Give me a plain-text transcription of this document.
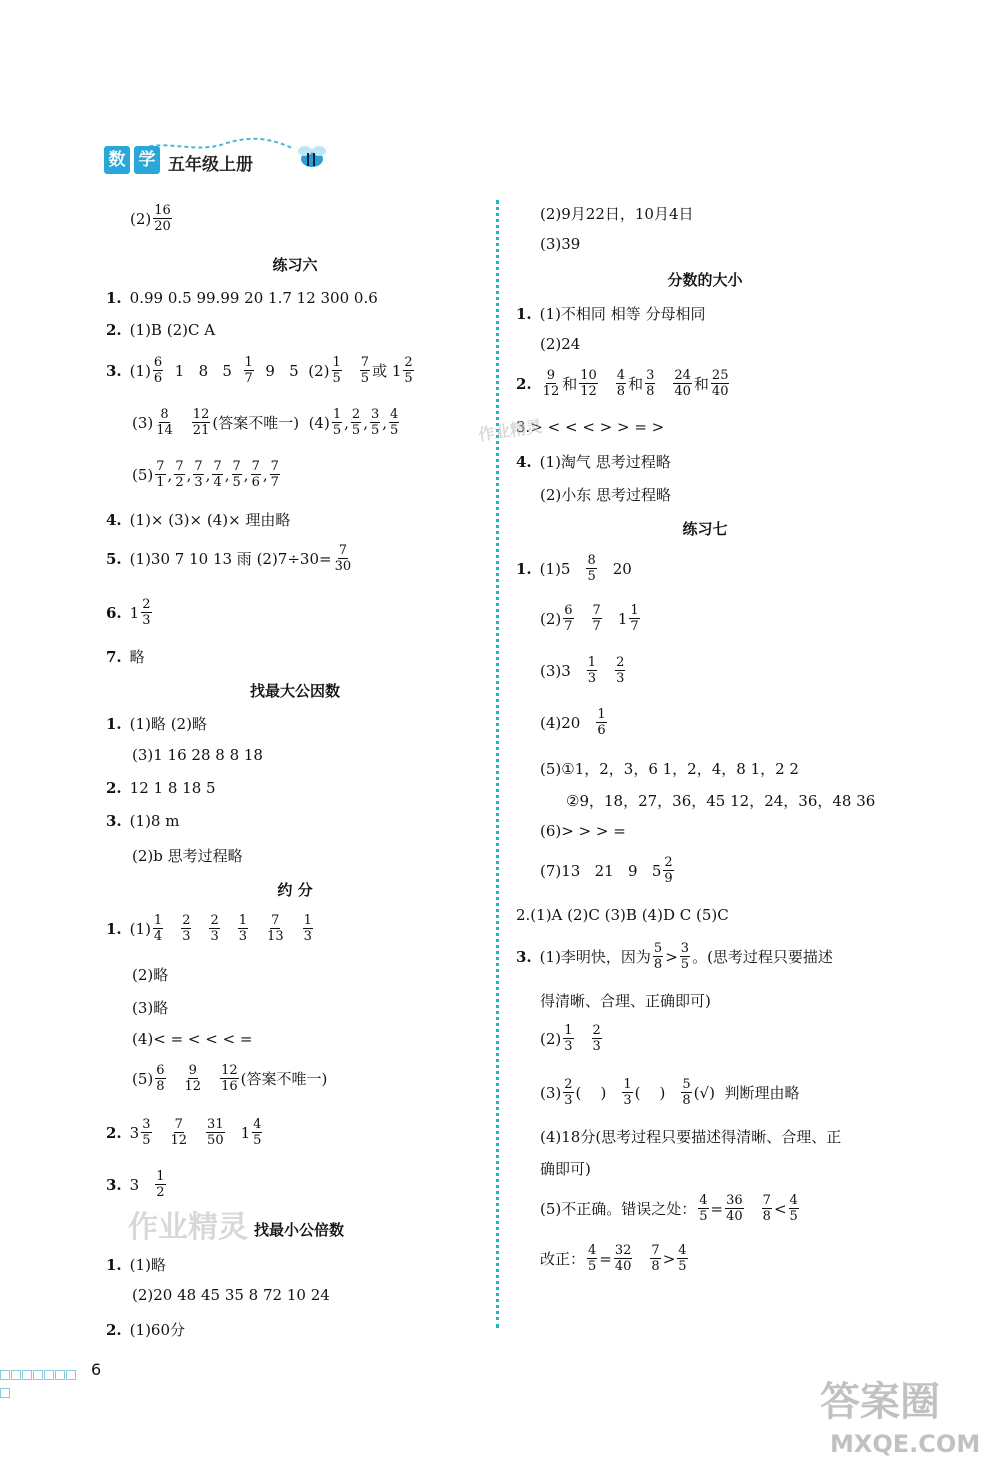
数 学 五年级上册
$(2) \frac{16}{20}$
练习六
1. 0.99 0.5 99.99 20 1.7 12 300 0.6
2. (1)B (2)C A
3. $(1) \frac{6}{6} 1$   8   $5 \frac{1}{7} 9$   5  $(2) \frac{1}{5} \frac{7}{5}$ 或 $1 \frac{2}{5}$
$(3) \frac{8}{14} \frac{12}{21}$ (答案不唯一)  $(4) \frac{1}{5}$ , $\frac{2}{5}$ , $\frac{3}{5}$ , $\frac{4}{5}$
$(5) \frac{7}{1}$ , $\frac{7}{2}$ , $\frac{7}{3}$ , $\frac{7}{4}$ , $\frac{7}{5}$ , $\frac{7}{6}$ , $\frac{7}{7}$
4. (1)× (3)× (4)× 理由略
5. (1)30 7 10 13 雨 $(2)7\div 30= \frac{7}{30}$
6. $1 \frac{2}{3}$
7. 略
找最大公因数
1. (1)略 (2)略
(3)1 16 28 8 8 18
2. 12 1 8 18 5
3. (1)8 m
(2)b 思考过程略
约 分
1. $(1) \frac{1}{4} \frac{2}{3} \frac{2}{3} \frac{1}{3} \frac{7}{13} \frac{1}{3}$
(2)略
(3)略
(4)< = < < < =
$(5) \frac{6}{8} \frac{9}{12} \frac{12}{16}$ (答案不唯一)
2. $3 \frac{3}{5} \frac{7}{12} \frac{31}{50} 1 \frac{4}{5}$
3. $3 \frac{1}{2}$
找最小公倍数
1. (1)略
(2)20 48 45 35 8 72 10 24
2. (1)60分
(2)9月22日，10月4日
(3)39
分数的大小
1. (1)不相同 相等 分母相同
(2)24
2. $\frac{9}{12}$ 和 $\frac{10}{12} \frac{4}{8}$ 和 $\frac{3}{8} \frac{24}{40}$ 和 $\frac{25}{40}$
3.> < < < > > = >
4. (1)淘气 思考过程略
(2)小东 思考过程略
练习七
1. $(1)5 \frac{8}{5} 20$
$(2) \frac{6}{7} \frac{7}{7} 1 \frac{1}{7}$
$(3)3 \frac{1}{3} \frac{2}{3}$
$(4)20 \frac{1}{6}$
(5)①1，2，3，6 1，2，4，8 1，2 2
②9，18，27，36，45 12，24，36，48 36
(6)> > > =
(7)13   21   9   $5 \frac{2}{9}$
2.(1)A (2)C (3)B (4)D C (5)C
3. (1)李明快，因为 $\frac{5}{8} > \frac{3}{5}$ 。(思考过程只要描述
得清晰、合理、正确即可)
$(2) \frac{1}{3} \frac{2}{3}$
$(3) \frac{2}{3}$ (    ) $\frac{1}{3}$ (    ) $\frac{5}{8}$ (√) 判断理由略
(4)18分(思考过程只要描述得清晰、合理、正
确即可)
(5)不正确。错误之处： $\frac{4}{5} = \frac{36}{40} \frac{7}{8} < \frac{4}{5}$
改正： $\frac{4}{5} = \frac{32}{40} \frac{7}{8} > \frac{4}{5}$
作业精灵
作业精灵
答案圈
MXQE.COM
6
